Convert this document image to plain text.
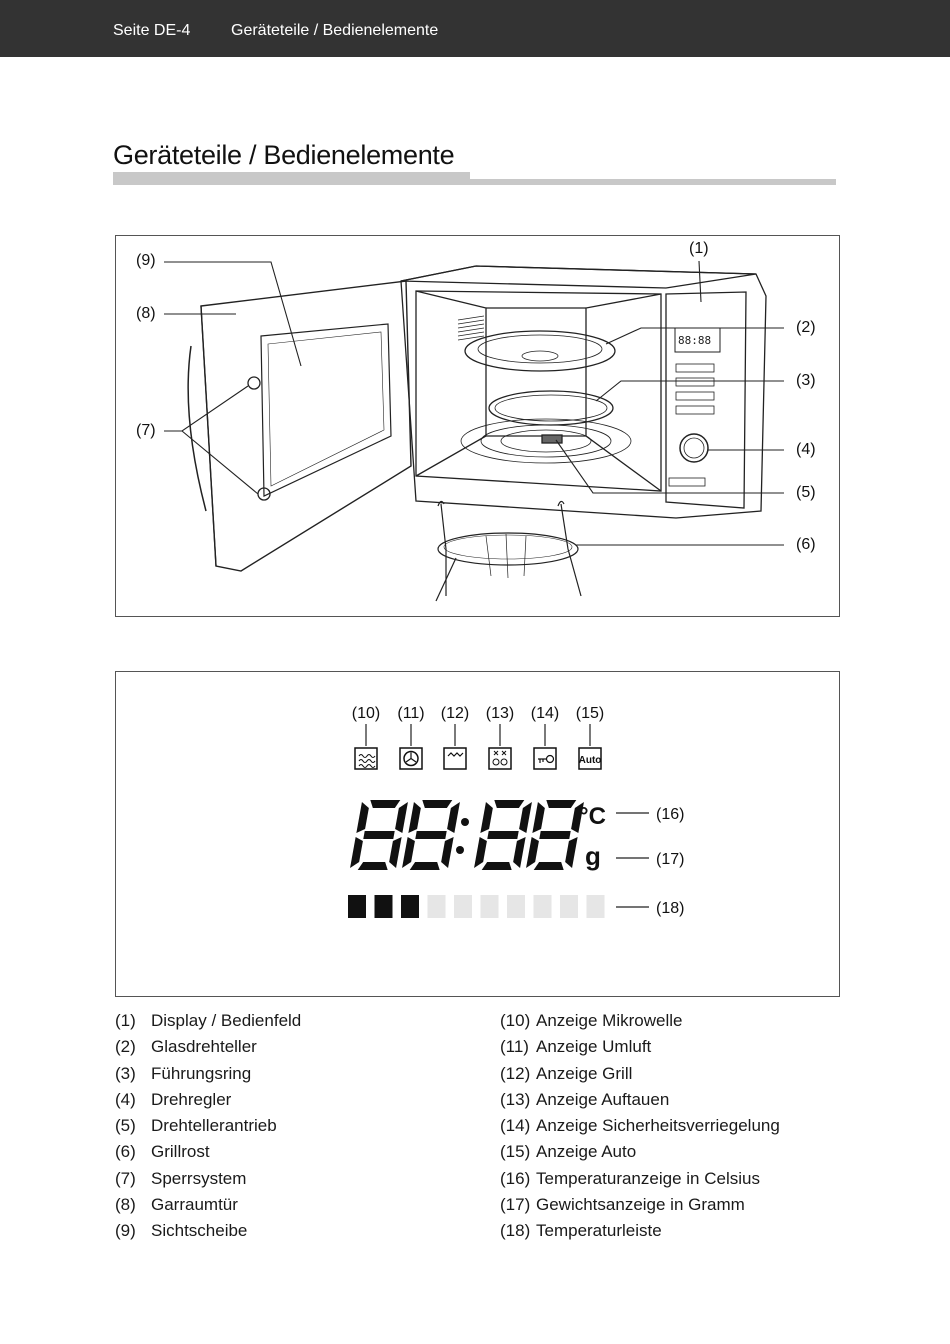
Seite DE-4	Geräteteile / Bedienelemente
Geräteteile / Bedienelemente
88:88
(9)
(8)
(7)
(1)
(2)
(3)
(4)
(5)
(6)
(10) (11) (12) (13) (14) (15)
Auto
88:88
°C
g
(16)
(17)
(18)
(1) Display / Bedienfeld
(2) Glasdrehteller
(3) Führungsring
(4) Drehregler
(5) Drehtellerantrieb
(6) Grillrost
(7) Sperrsystem
(8) Garraumtür
(9) Sichtscheibe
(10) Anzeige Mikrowelle
(11) Anzeige Umluft
(12) Anzeige Grill
(13) Anzeige Auftauen
(14) Anzeige Sicherheitsverriegelung
(15) Anzeige Auto
(16) Temperaturanzeige in Celsius
(17) Gewichtsanzeige in Gramm
(18) Temperaturleiste
